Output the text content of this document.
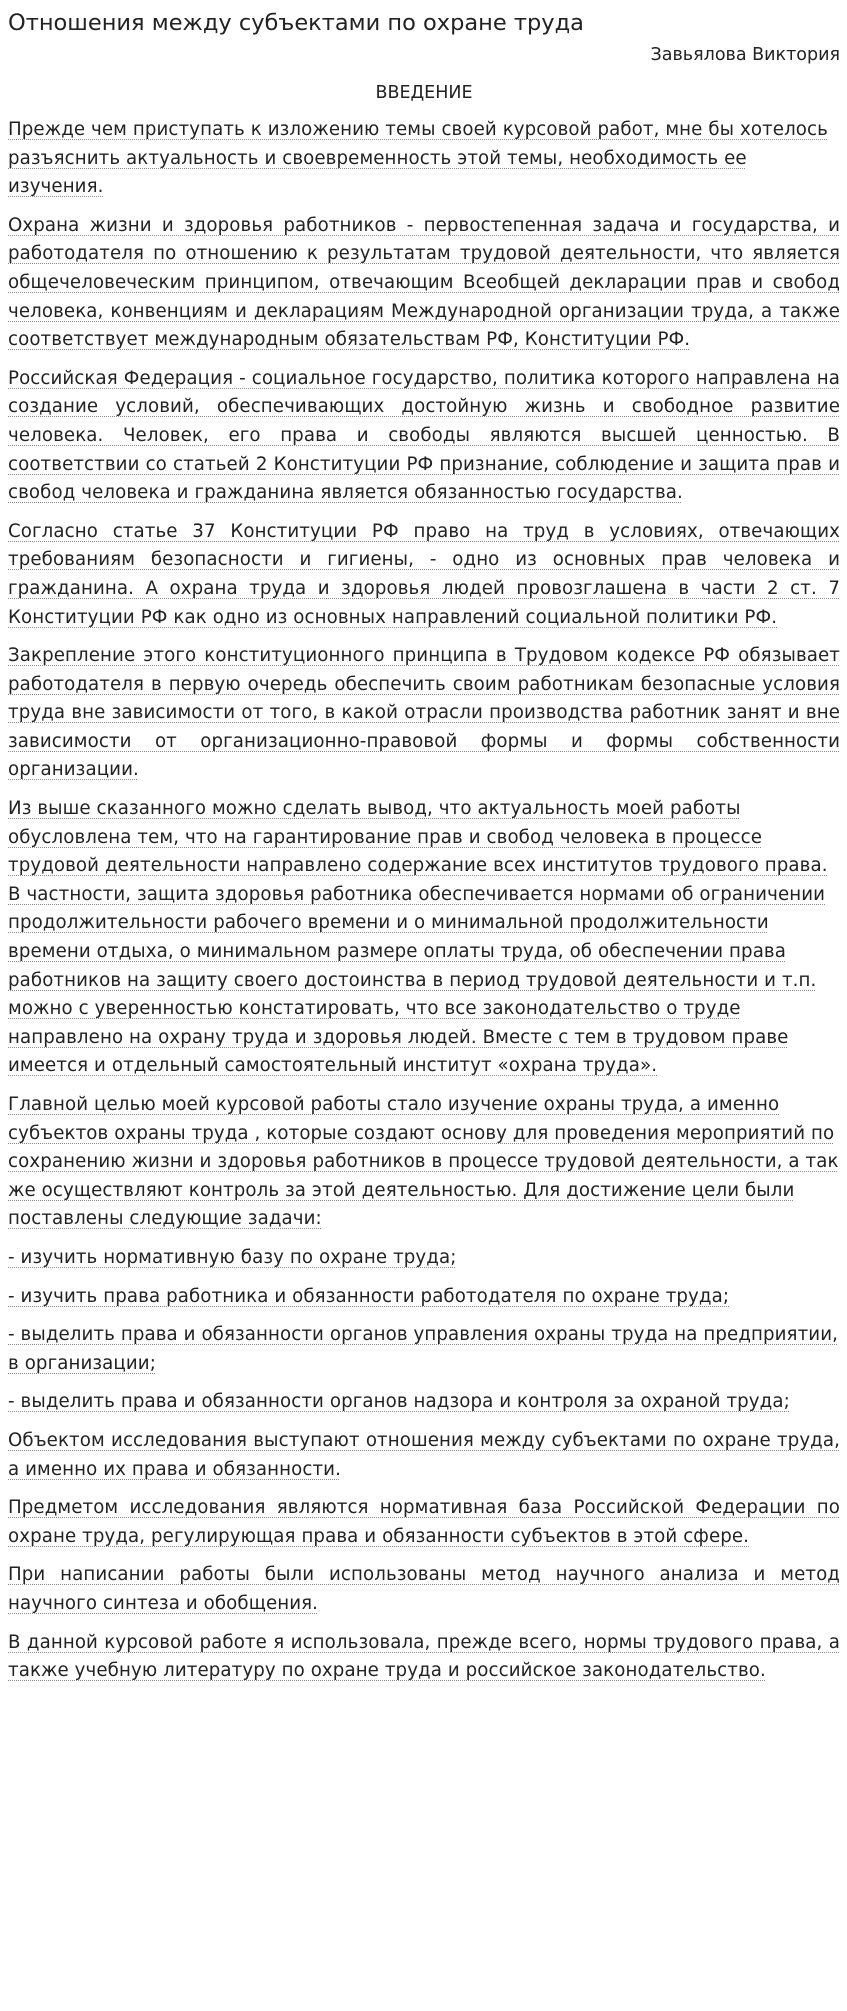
Отношения между субъектами по охране труда
Завьялова Виктория
ВВЕДЕНИЕ

Прежде чем приступать к изложению темы своей курсовой работ, мне бы хотелось разъяснить актуальность и своевременность этой темы, необходимость ее изучения.

Охрана жизни и здоровья работников - первостепенная задача и государства, и работодателя по отношению к результатам трудовой деятельности, что является общечеловеческим принципом, отвечающим Всеобщей декларации прав и свобод человека, конвенциям и декларациям Международной организации труда, а также соответствует международным обязательствам РФ, Конституции РФ.

Российская Федерация - социальное государство, политика которого направлена на создание условий, обеспечивающих достойную жизнь и свободное развитие человека. Человек, его права и свободы являются высшей ценностью. В соответствии со статьей 2 Конституции РФ признание, соблюдение и защита прав и свобод человека и гражданина является обязанностью государства.

Согласно статье 37 Конституции РФ право на труд в условиях, отвечающих требованиям безопасности и гигиены, - одно из основных прав человека и гражданина. А охрана труда и здоровья людей провозглашена в части 2 ст. 7 Конституции РФ как одно из основных направлений социальной политики РФ.

Закрепление этого конституционного принципа в Трудовом кодексе РФ обязывает работодателя в первую очередь обеспечить своим работникам безопасные условия труда вне зависимости от того, в какой отрасли производства работник занят и вне зависимости от организационно-правовой формы и формы собственности организации.

Из выше сказанного можно сделать вывод, что актуальность моей работы обусловлена тем, что на гарантирование прав и свобод человека в процессе трудовой деятельности направлено содержание всех институтов трудового права. В частности, защита здоровья работника обеспечивается нормами об ограничении продолжительности рабочего времени и о минимальной продолжительности времени отдыха, о минимальном размере оплаты труда, об обеспечении права работников на защиту своего достоинства в период трудовой деятельности и т.п. можно с уверенностью констатировать, что все законодательство о труде направлено на охрану труда и здоровья людей. Вместе с тем в трудовом праве имеется и отдельный самостоятельный институт «охрана труда».

Главной целью моей курсовой работы стало изучение охраны труда, а именно субъектов охраны труда , которые создают основу для проведения мероприятий по сохранению жизни и здоровья работников в процессе трудовой деятельности, а так же осуществляют контроль за этой деятельностью. Для достижение цели были поставлены следующие задачи:

- изучить нормативную базу по охране труда;

- изучить права работника и обязанности работодателя по охране труда;

- выделить права и обязанности органов управления охраны труда на предприятии, в организации;

- выделить права и обязанности органов надзора и контроля за охраной труда;

Объектом исследования выступают отношения между субъектами по охране труда, а именно их права и обязанности.

Предметом исследования являются нормативная база Российской Федерации по охране труда, регулирующая права и обязанности субъектов в этой сфере.

При написании работы были использованы метод научного анализа и метод научного синтеза и обобщения.

В данной курсовой работе я использовала, прежде всего, нормы трудового права, а также учебную литературу по охране труда и российское законодательство.
